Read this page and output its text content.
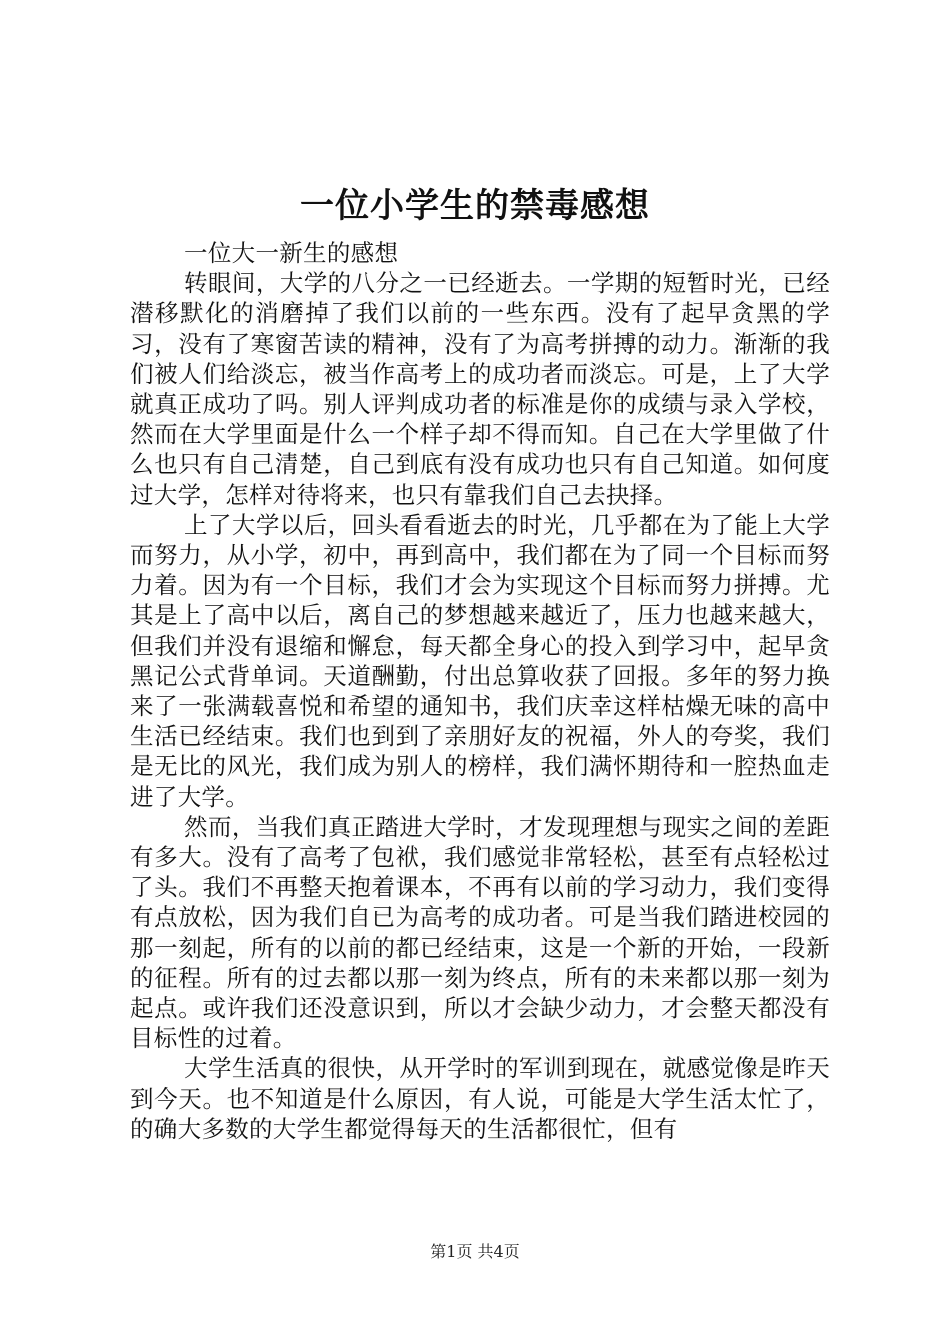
一位小学生的禁毒感想

一位大一新生的感想

转眼间，大学的八分之一已经逝去。一学期的短暂时光，已经潜移默化的消磨掉了我们以前的一些东西。没有了起早贪黑的学习，没有了寒窗苦读的精神，没有了为高考拼搏的动力。渐渐的我们被人们给淡忘，被当作高考上的成功者而淡忘。可是，上了大学就真正成功了吗。别人评判成功者的标准是你的成绩与录入学校，然而在大学里面是什么一个样子却不得而知。自己在大学里做了什么也只有自己清楚，自己到底有没有成功也只有自己知道。如何度过大学，怎样对待将来，也只有靠我们自己去抉择。

上了大学以后，回头看看逝去的时光，几乎都在为了能上大学而努力，从小学，初中，再到高中，我们都在为了同一个目标而努力着。因为有一个目标，我们才会为实现这个目标而努力拼搏。尤其是上了高中以后，离自己的梦想越来越近了，压力也越来越大，但我们并没有退缩和懈怠，每天都全身心的投入到学习中，起早贪黑记公式背单词。天道酬勤，付出总算收获了回报。多年的努力换来了一张满载喜悦和希望的通知书，我们庆幸这样枯燥无味的高中生活已经结束。我们也到到了亲朋好友的祝福，外人的夸奖，我们是无比的风光，我们成为别人的榜样，我们满怀期待和一腔热血走进了大学。

然而，当我们真正踏进大学时，才发现理想与现实之间的差距有多大。没有了高考了包袱，我们感觉非常轻松，甚至有点轻松过了头。我们不再整天抱着课本，不再有以前的学习动力，我们变得有点放松，因为我们自已为高考的成功者。可是当我们踏进校园的那一刻起，所有的以前的都已经结束，这是一个新的开始，一段新的征程。所有的过去都以那一刻为终点，所有的未来都以那一刻为起点。或许我们还没意识到，所以才会缺少动力，才会整天都没有目标性的过着。

大学生活真的很快，从开学时的军训到现在，就感觉像是昨天到今天。也不知道是什么原因，有人说，可能是大学生活太忙了，的确大多数的大学生都觉得每天的生活都很忙，但有

第1页 共4页
